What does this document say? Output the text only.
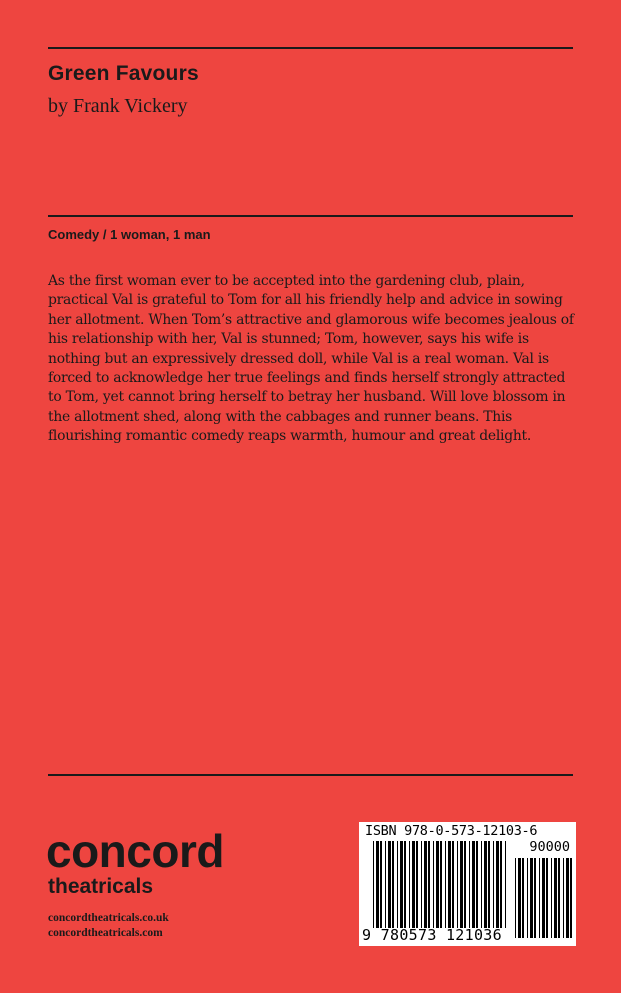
Green Favours
by Frank Vickery
Comedy / 1 woman, 1 man
As the first woman ever to be accepted into the gardening club, plain, practical Val is grateful to Tom for all his friendly help and advice in sowing her allotment. When Tom’s attractive and glamorous wife becomes jealous of his relationship with her, Val is stunned; Tom, however, says his wife is nothing but an expressively dressed doll, while Val is a real woman. Val is forced to acknowledge her true feelings and finds herself strongly attracted to Tom, yet cannot bring herself to betray her husband. Will love blossom in the allotment shed, along with the cabbages and runner beans. This flourishing romantic comedy reaps warmth, humour and great delight.
concord
theatricals
concordtheatricals.co.uk
concordtheatricals.com
ISBN 978-0-573-12103-6
90000
9 780573 121036
